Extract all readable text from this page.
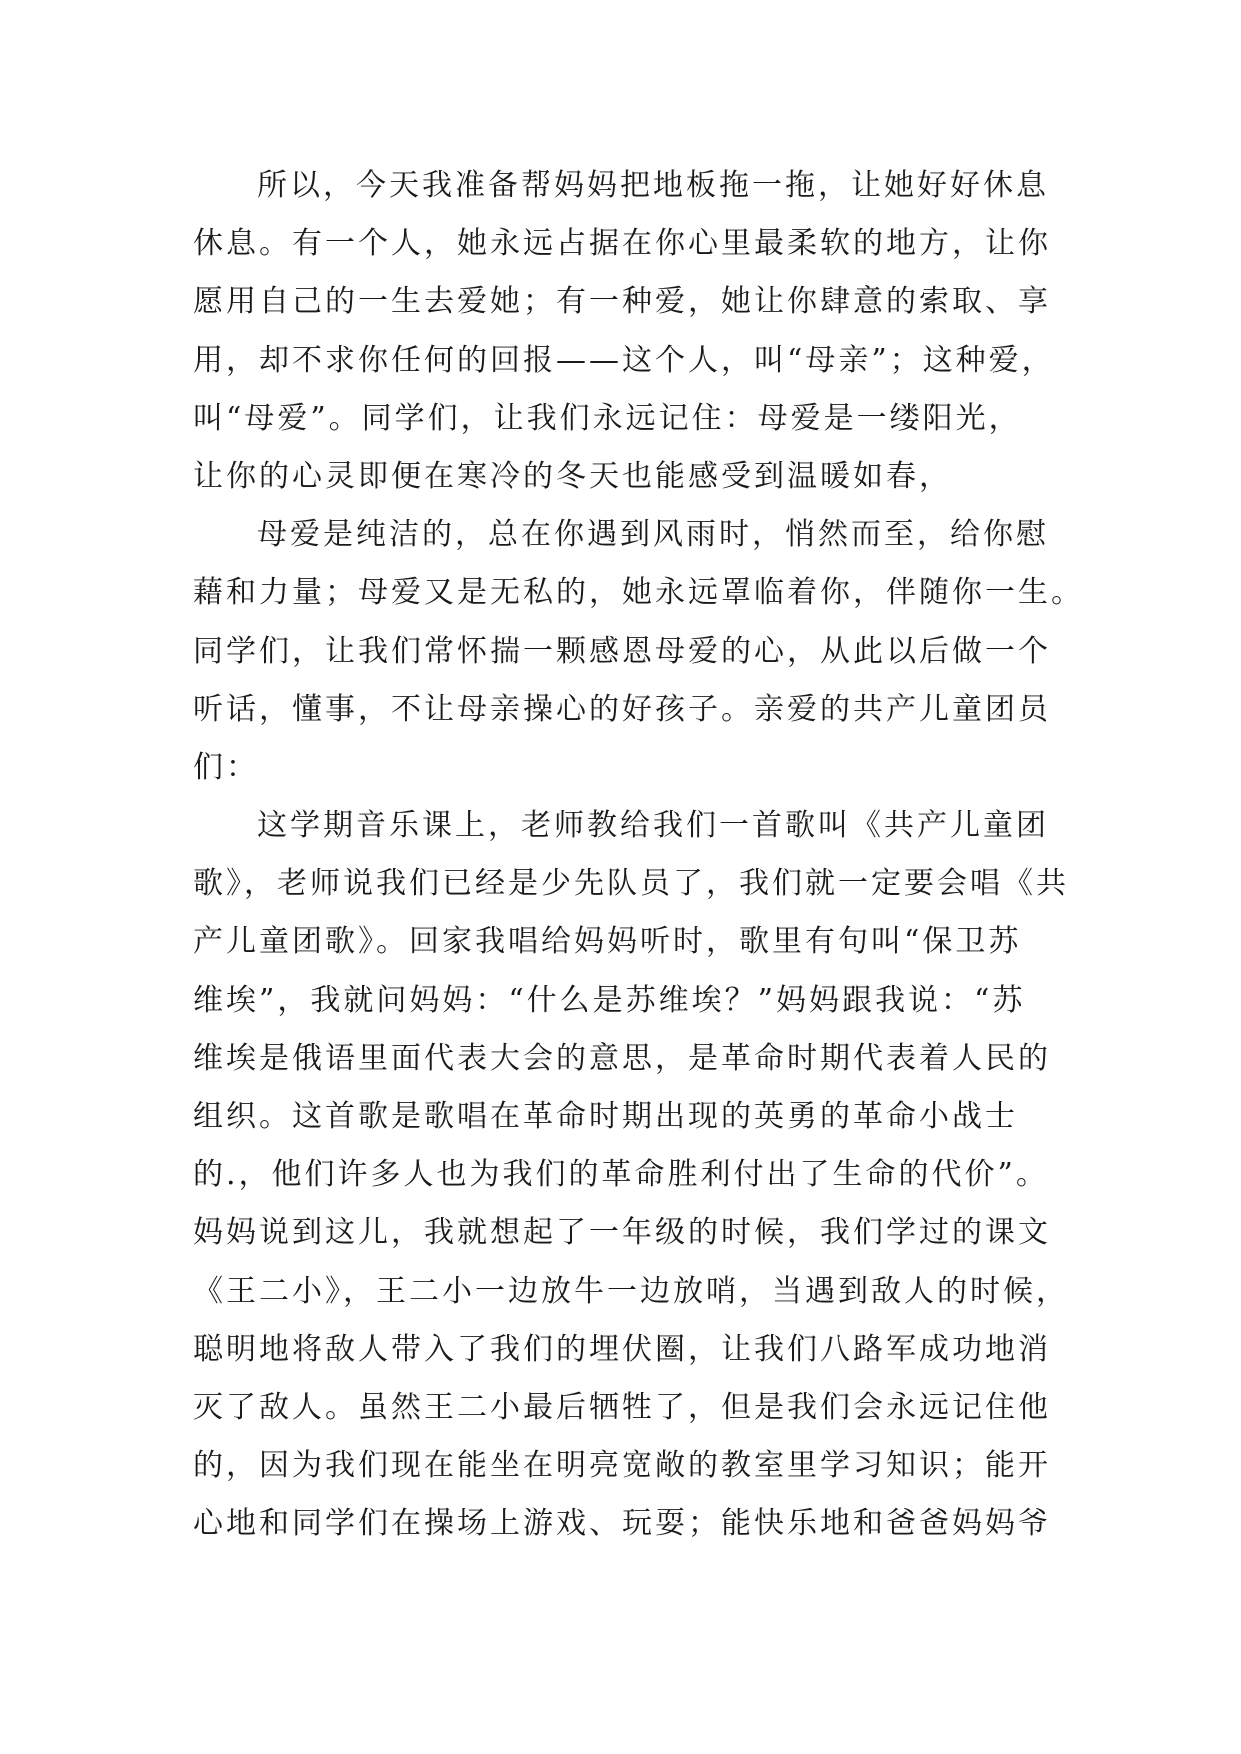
所以，今天我准备帮妈妈把地板拖一拖，让她好好休息
休息。有一个人，她永远占据在你心里最柔软的地方，让你
愿用自己的一生去爱她；有一种爱，她让你肆意的索取、享
用，却不求你任何的回报——这个人，叫“母亲”；这种爱，
叫“母爱”。同学们，让我们永远记住：母爱是一缕阳光，
让你的心灵即便在寒冷的冬天也能感受到温暖如春，
母爱是纯洁的，总在你遇到风雨时，悄然而至，给你慰
藉和力量；母爱又是无私的，她永远罩临着你，伴随你一生。
同学们，让我们常怀揣一颗感恩母爱的心，从此以后做一个
听话，懂事，不让母亲操心的好孩子。亲爱的共产儿童团员
们：
这学期音乐课上，老师教给我们一首歌叫《共产儿童团
歌》，老师说我们已经是少先队员了，我们就一定要会唱《共
产儿童团歌》。回家我唱给妈妈听时，歌里有句叫“保卫苏
维埃”，我就问妈妈：“什么是苏维埃？”妈妈跟我说：“苏
维埃是俄语里面代表大会的意思，是革命时期代表着人民的
组织。这首歌是歌唱在革命时期出现的英勇的革命小战士
的.，他们许多人也为我们的革命胜利付出了生命的代价”。
妈妈说到这儿，我就想起了一年级的时候，我们学过的课文
《王二小》，王二小一边放牛一边放哨，当遇到敌人的时候，
聪明地将敌人带入了我们的埋伏圈，让我们八路军成功地消
灭了敌人。虽然王二小最后牺牲了，但是我们会永远记住他
的，因为我们现在能坐在明亮宽敞的教室里学习知识；能开
心地和同学们在操场上游戏、玩耍；能快乐地和爸爸妈妈爷
